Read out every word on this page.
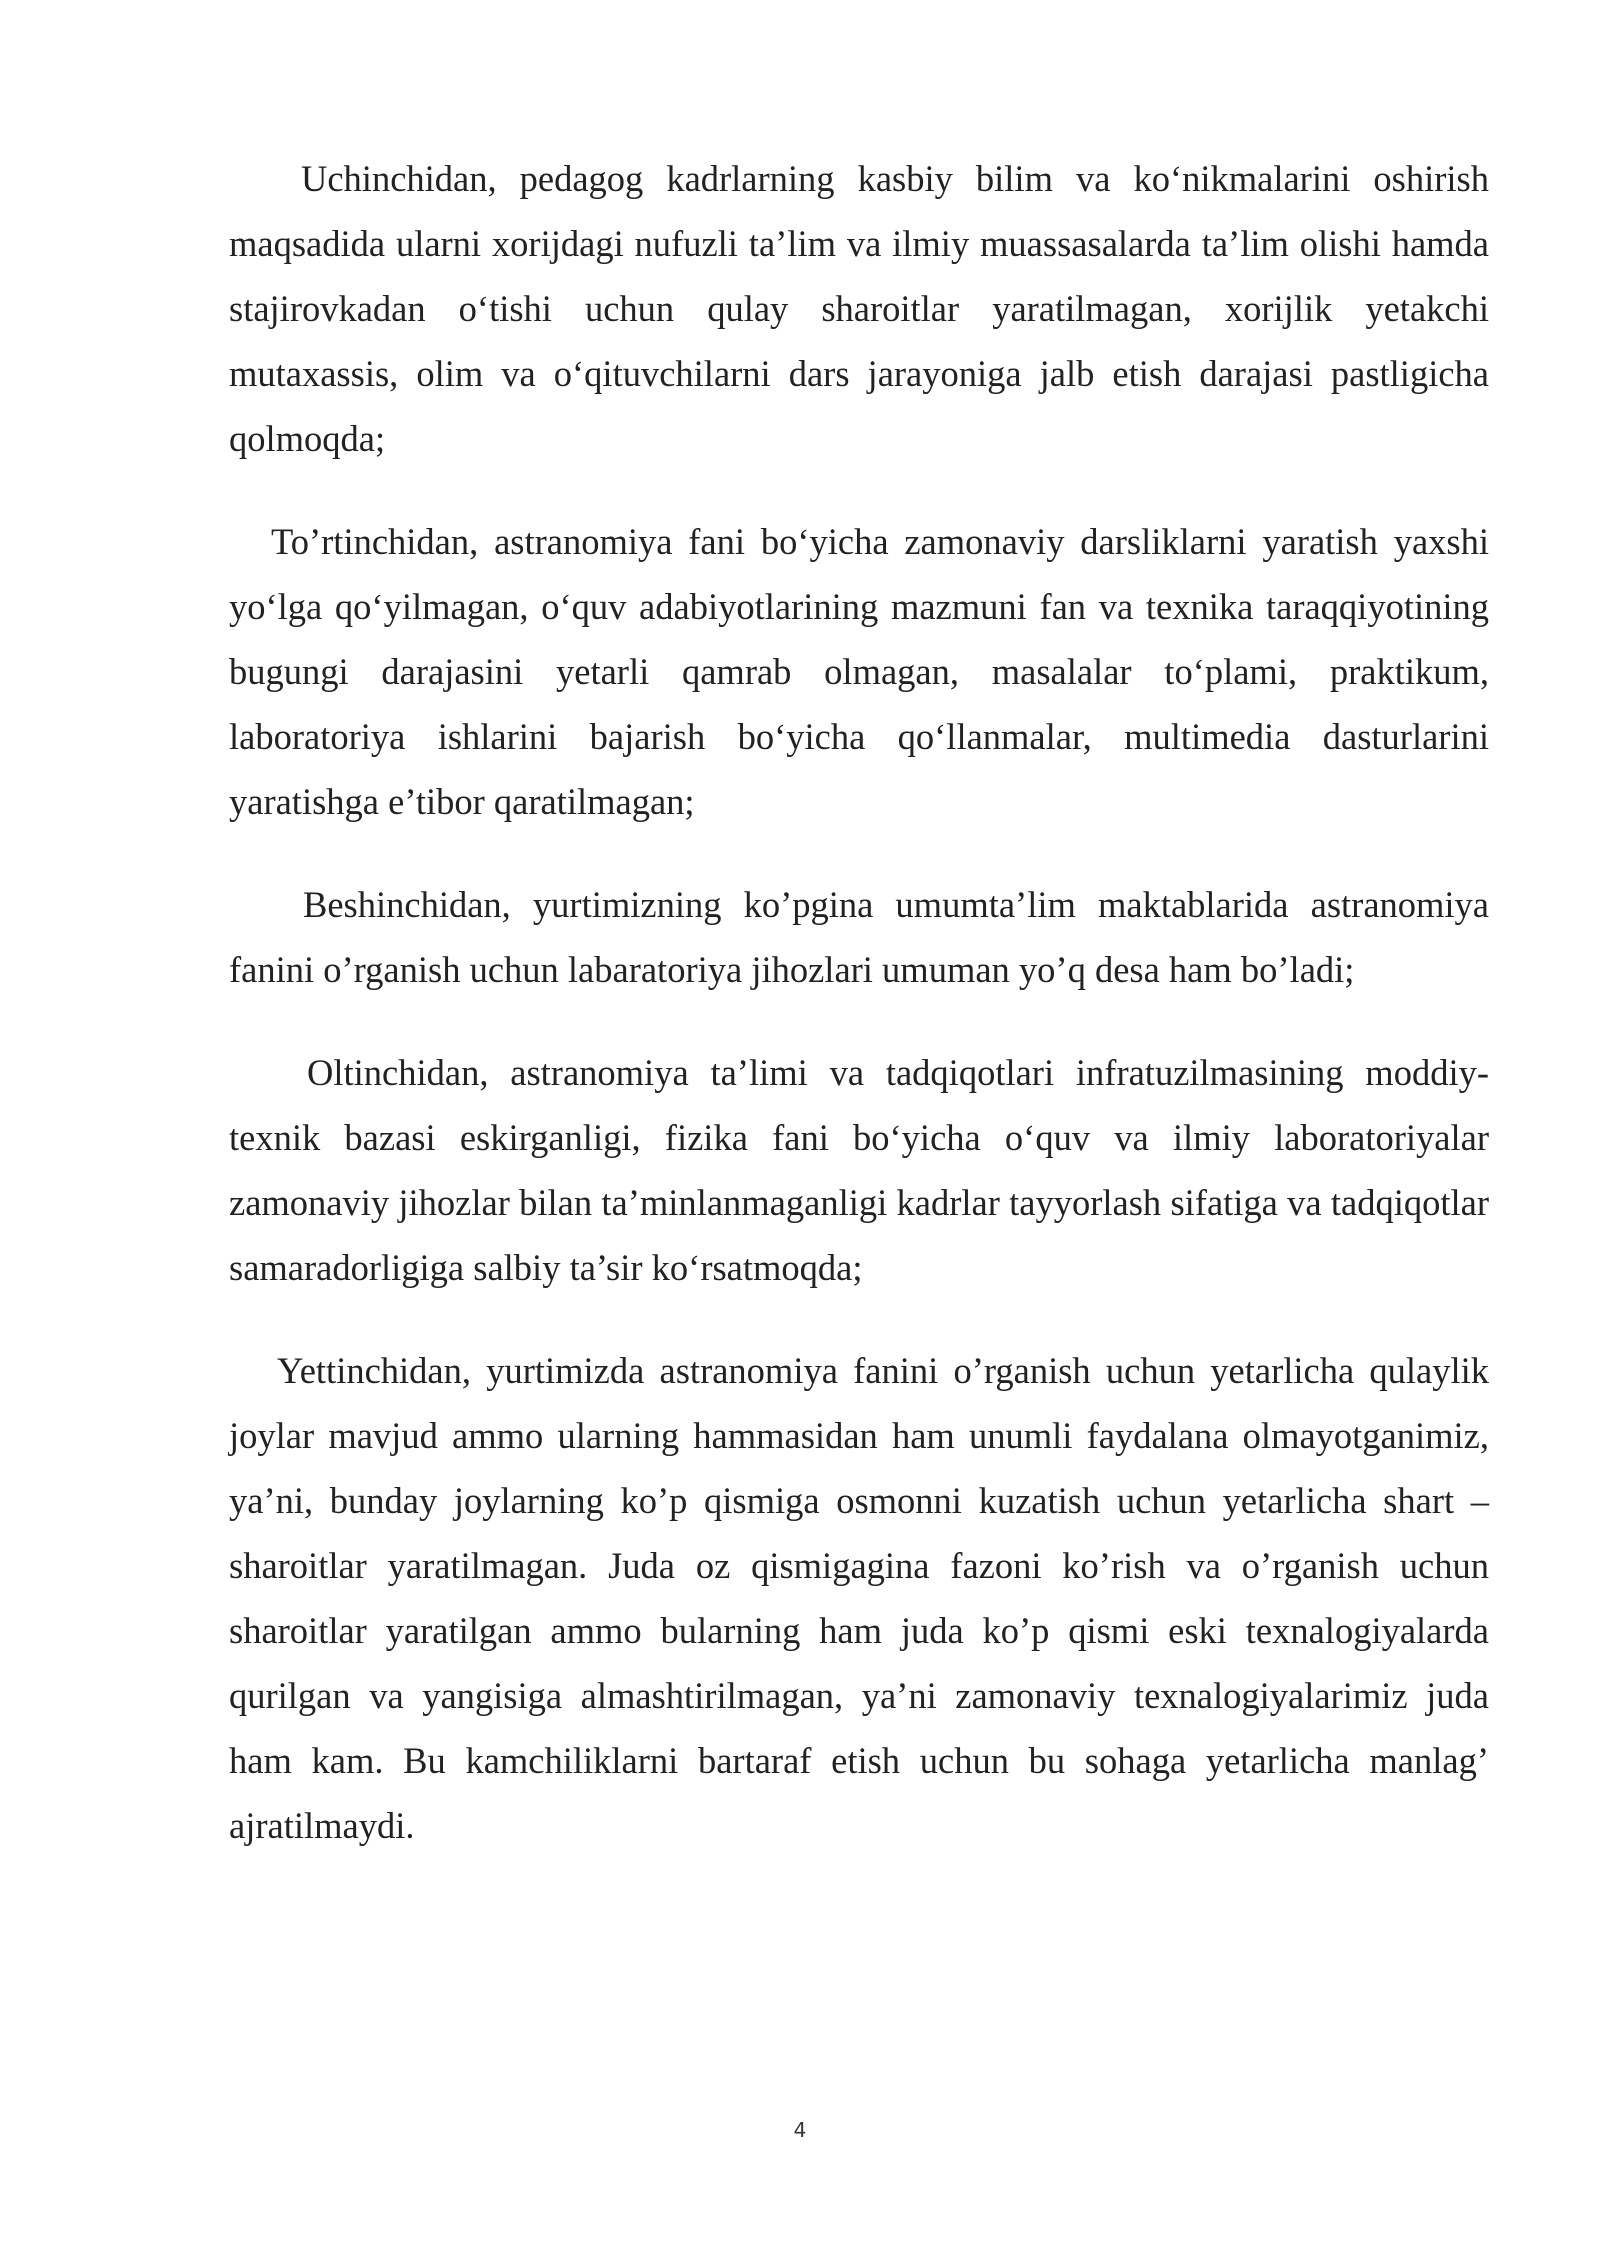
Uchinchidan, pedagog kadrlarning kasbiy bilim va ko‘nikmalarini oshirish maqsadida ularni xorijdagi nufuzli ta’lim va ilmiy muassasalarda ta’lim olishi hamda stajirovkadan o‘tishi uchun qulay sharoitlar yaratilmagan, xorijlik yetakchi mutaxassis, olim va o‘qituvchilarni dars jarayoniga jalb etish darajasi pastligicha qolmoqda;

To’rtinchidan, astranomiya fani bo‘yicha zamonaviy darsliklarni yaratish yaxshi yo‘lga qo‘yilmagan, o‘quv adabiyotlarining mazmuni fan va texnika taraqqiyotining bugungi darajasini yetarli qamrab olmagan, masalalar to‘plami, praktikum, laboratoriya ishlarini bajarish bo‘yicha qo‘llanmalar, multimedia dasturlarini yaratishga e’tibor qaratilmagan;

Beshinchidan, yurtimizning ko’pgina umumta’lim maktablarida astranomiya fanini o’rganish uchun labaratoriya jihozlari umuman yo’q desa ham bo’ladi;

Oltinchidan, astranomiya ta’limi va tadqiqotlari infratuzilmasining moddiy-texnik bazasi eskirganligi, fizika fani bo‘yicha o‘quv va ilmiy laboratoriyalar zamonaviy jihozlar bilan ta’minlanmaganligi kadrlar tayyorlash sifatiga va tadqiqotlar samaradorligiga salbiy ta’sir ko‘rsatmoqda;

Yettinchidan, yurtimizda astranomiya fanini o’rganish uchun yetarlicha qulaylik joylar mavjud ammo ularning hammasidan ham unumli faydalana olmayotganimiz, ya’ni, bunday joylarning ko’p qismiga osmonni kuzatish uchun yetarlicha shart – sharoitlar yaratilmagan. Juda oz qismigagina fazoni ko’rish va o’rganish uchun sharoitlar yaratilgan ammo bularning ham juda ko’p qismi eski texnalogiyalarda qurilgan va yangisiga almashtirilmagan, ya’ni zamonaviy texnalogiyalarimiz juda ham kam. Bu kamchiliklarni bartaraf etish uchun bu sohaga yetarlicha manlag’ ajratilmaydi.

4
